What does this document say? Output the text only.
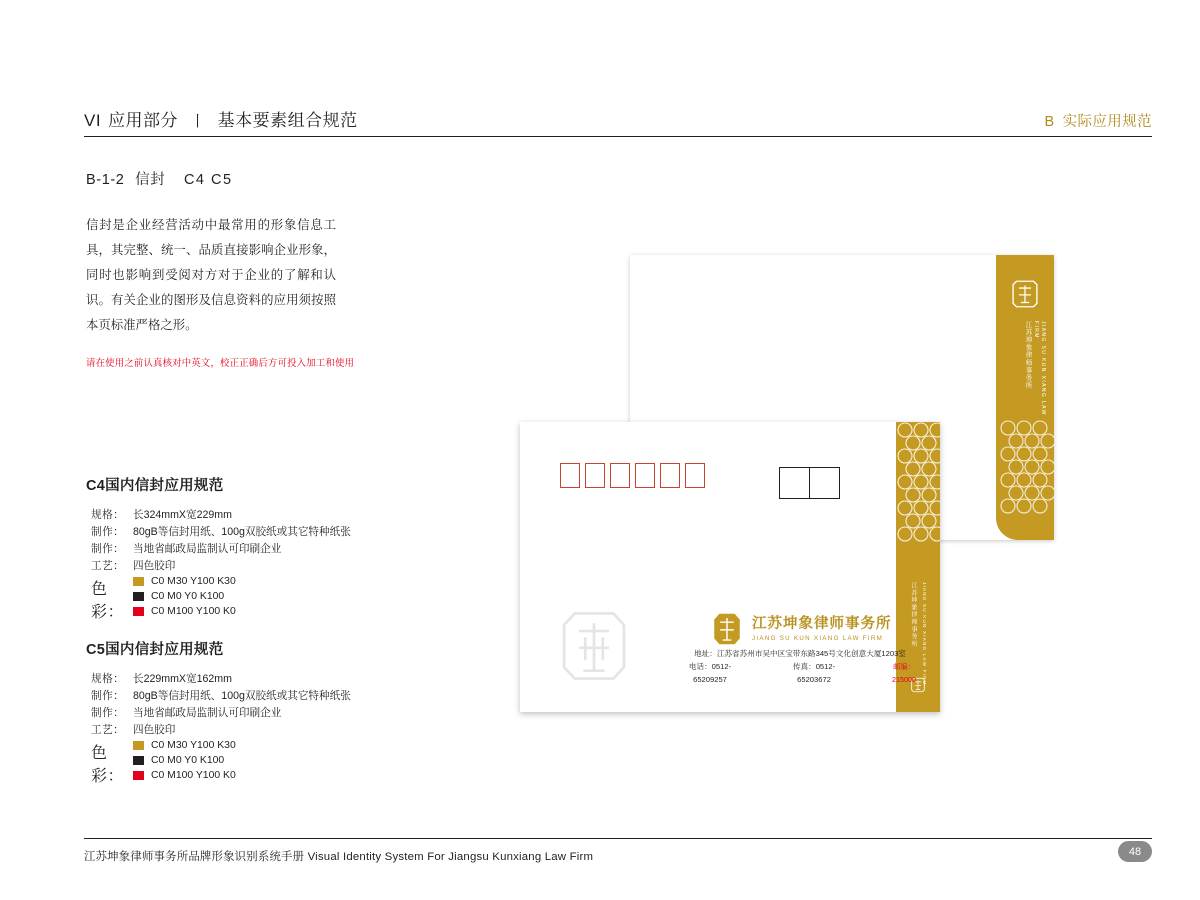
VI 应用部分 丨 基本要素组合规范	B 实际应用规范
B-1-2 信封 C4 C5
信封是企业经营活动中最常用的形象信息工具，其完整、统一、品质直接影响企业形象，同时也影响到受阅对方对于企业的了解和认识。有关企业的图形及信息资料的应用须按照本页标准严格之形。
请在使用之前认真核对中英文，校正正确后方可投入加工和使用
C4国内信封应用规范
规格： 长324mmX宽229mm
制作： 80gB等信封用纸、100g双胶纸或其它特种纸张
制作： 当地省邮政局监制认可印刷企业
工艺： 四色胶印
色彩：
C0 M30 Y100 K30
C0 M0 Y0 K100
C0 M100 Y100 K0
C5国内信封应用规范
规格： 长229mmX宽162mm
制作： 80gB等信封用纸、100g双胶纸或其它特种纸张
制作： 当地省邮政局监制认可印刷企业
工艺： 四色胶印
色彩：
C0 M30 Y100 K30
C0 M0 Y0 K100
C0 M100 Y100 K0
江苏坤象律师事务所	JIANG SU KUN XIANG LAW FIRM
江苏坤象律师事务所 JIANG SU KUN XIANG LAW FIRM
江苏坤象律师事务所
JIANG SU KUN XIANG LAW FIRM
地址：江苏省苏州市吴中区宝带东路345号文化创意大厦1203室
电话：0512-65209257
传真：0512-65203672
邮编：215000
江苏坤象律师事务所品牌形象识别系统手册 Visual Identity System For Jiangsu Kunxiang Law Firm	48
